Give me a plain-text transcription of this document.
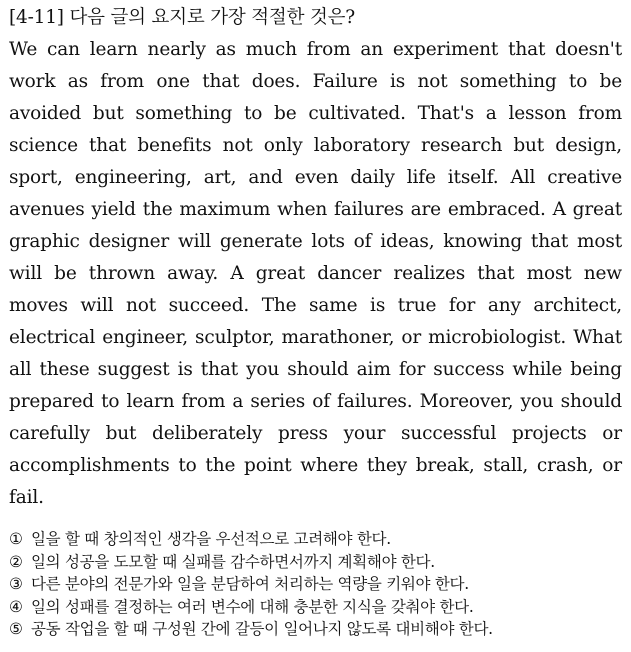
[4-11] 다음 글의 요지로 가장 적절한 것은?

We can learn nearly as much from an experiment that doesn't work as from one that does. Failure is not something to be avoided but something to be cultivated. That's a lesson from science that benefits not only laboratory research but design, sport, engineering, art, and even daily life itself. All creative avenues yield the maximum when failures are embraced. A great graphic designer will generate lots of ideas, knowing that most will be thrown away. A great dancer realizes that most new moves will not succeed. The same is true for any architect, electrical engineer, sculptor, marathoner, or microbiologist. What all these suggest is that you should aim for success while being prepared to learn from a series of failures. Moreover, you should carefully but deliberately press your successful projects or accomplishments to the point where they break, stall, crash, or fail.

① 일을 할 때 창의적인 생각을 우선적으로 고려해야 한다.
② 일의 성공을 도모할 때 실패를 감수하면서까지 계획해야 한다.
③ 다른 분야의 전문가와 일을 분담하여 처리하는 역량을 키워야 한다.
④ 일의 성패를 결정하는 여러 변수에 대해 충분한 지식을 갖춰야 한다.
⑤ 공동 작업을 할 때 구성원 간에 갈등이 일어나지 않도록 대비해야 한다.
